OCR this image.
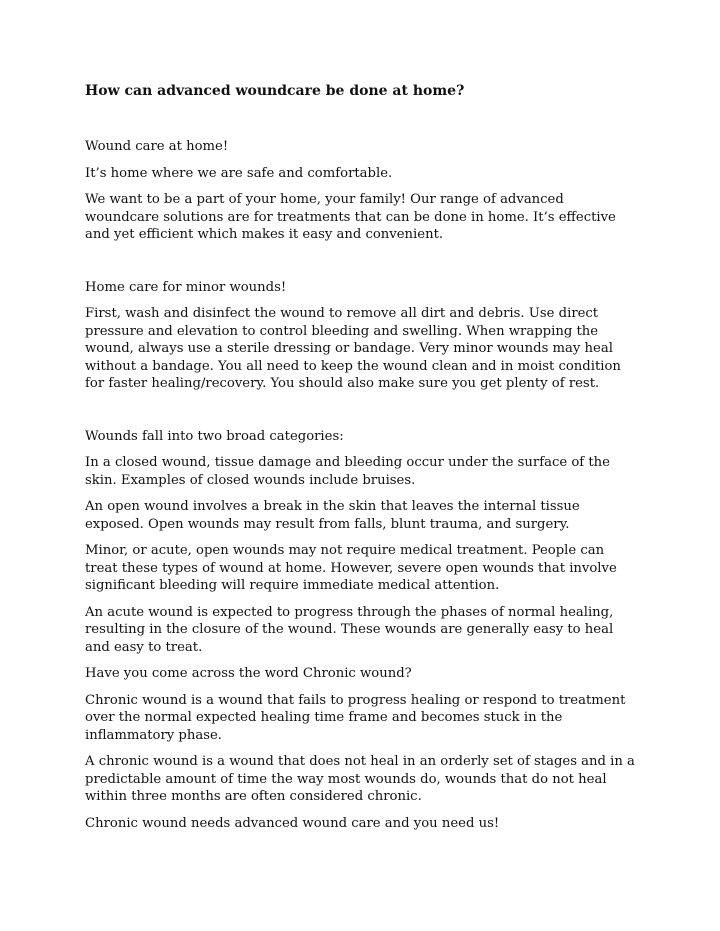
How can advanced woundcare be done at home?

Wound care at home!

It’s home where we are safe and comfortable.

We want to be a part of your home, your family! Our range of advanced woundcare solutions are for treatments that can be done in home. It’s effective and yet efficient which makes it easy and convenient.

Home care for minor wounds!

First, wash and disinfect the wound to remove all dirt and debris. Use direct pressure and elevation to control bleeding and swelling. When wrapping the wound, always use a sterile dressing or bandage. Very minor wounds may heal without a bandage. You all need to keep the wound clean and in moist condition for faster healing/recovery. You should also make sure you get plenty of rest.

Wounds fall into two broad categories:

In a closed wound, tissue damage and bleeding occur under the surface of the skin. Examples of closed wounds include bruises.

An open wound involves a break in the skin that leaves the internal tissue exposed. Open wounds may result from falls, blunt trauma, and surgery.

Minor, or acute, open wounds may not require medical treatment. People can treat these types of wound at home. However, severe open wounds that involve significant bleeding will require immediate medical attention.

An acute wound is expected to progress through the phases of normal healing, resulting in the closure of the wound. These wounds are generally easy to heal and easy to treat.

Have you come across the word Chronic wound?

Chronic wound is a wound that fails to progress healing or respond to treatment over the normal expected healing time frame and becomes stuck in the inflammatory phase.

A chronic wound is a wound that does not heal in an orderly set of stages and in a predictable amount of time the way most wounds do, wounds that do not heal within three months are often considered chronic.

Chronic wound needs advanced wound care and you need us!
